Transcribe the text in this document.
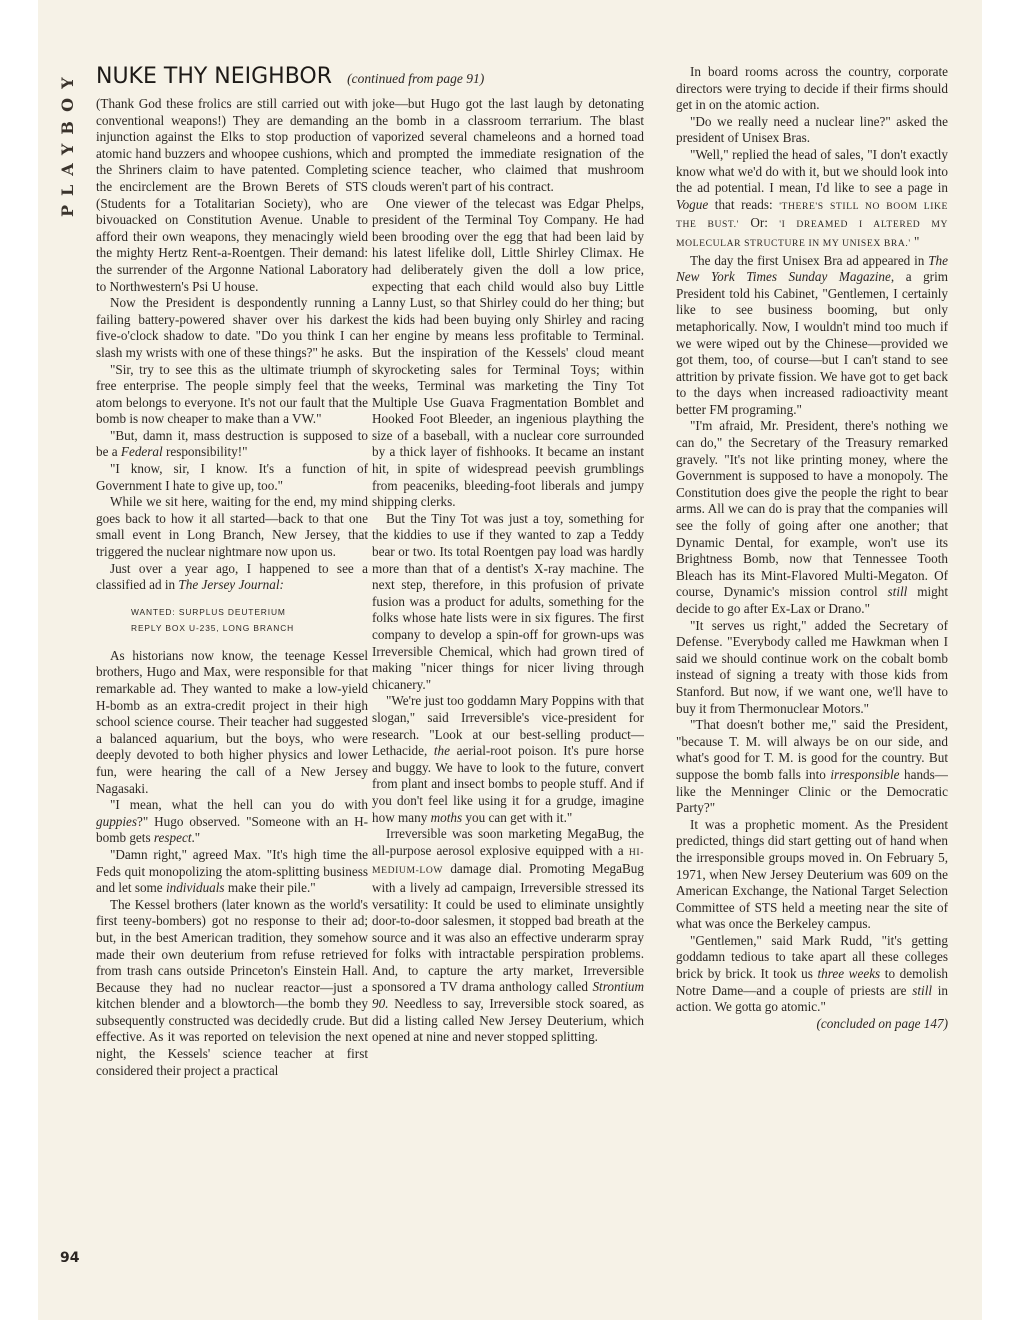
PLAYBOY NUKE THY NEIGHBOR (continued from page 91)

(Thank God these frolics are still carried out with conventional weapons!) They are demanding an injunction against the Elks to stop production of atomic hand buzzers and whoopee cushions, which the Shriners claim to have patented. Completing the encirclement are the Brown Berets of STS (Students for a Totalitarian Society), who are bivouacked on Constitution Avenue. Unable to afford their own weapons, they menacingly wield the mighty Hertz Rent-a-Roentgen. Their demand: the surrender of the Argonne National Laboratory to Northwestern's Psi U house.

Now the President is despondently running a failing battery-powered shaver over his darkest five-o'clock shadow to date. "Do you think I can slash my wrists with one of these things?" he asks.

"Sir, try to see this as the ultimate triumph of free enterprise. The people simply feel that the atom belongs to everyone. It's not our fault that the bomb is now cheaper to make than a VW."

"But, damn it, mass destruction is supposed to be a Federal responsibility!"

"I know, sir, I know. It's a function of Government I hate to give up, too."

While we sit here, waiting for the end, my mind goes back to how it all started—back to that one small event in Long Branch, New Jersey, that triggered the nuclear nightmare now upon us.

Just over a year ago, I happened to see a classified ad in The Jersey Journal:

WANTED: SURPLUS DEUTERIUM
REPLY BOX U-235, LONG BRANCH

As historians now know, the teenage Kessel brothers, Hugo and Max, were responsible for that remarkable ad. They wanted to make a low-yield H-bomb as an extra-credit project in their high school science course. Their teacher had suggested a balanced aquarium, but the boys, who were deeply devoted to both higher physics and lower fun, were hearing the call of a New Jersey Nagasaki.

"I mean, what the hell can you do with guppies?" Hugo observed. "Someone with an H-bomb gets respect."

"Damn right," agreed Max. "It's high time the Feds quit monopolizing the atom-splitting business and let some individuals make their pile."

The Kessel brothers (later known as the world's first teeny-bombers) got no response to their ad; but, in the best American tradition, they somehow made their own deuterium from refuse retrieved from trash cans outside Princeton's Einstein Hall. Because they had no nuclear reactor—just a kitchen blender and a blowtorch—the bomb they subsequently constructed was decidedly crude. But effective. As it was reported on television the next night, the Kessels' science teacher at first considered their project a practical

joke—but Hugo got the last laugh by detonating the bomb in a classroom terrarium. The blast vaporized several chameleons and a horned toad and prompted the immediate resignation of the science teacher, who claimed that mushroom clouds weren't part of his contract.

One viewer of the telecast was Edgar Phelps, president of the Terminal Toy Company. He had been brooding over the egg that had been laid by his latest lifelike doll, Little Shirley Climax. He had deliberately given the doll a low price, expecting that each child would also buy Little Lanny Lust, so that Shirley could do her thing; but the kids had been buying only Shirley and racing her engine by means less profitable to Terminal. But the inspiration of the Kessels' cloud meant skyrocketing sales for Terminal Toys; within weeks, Terminal was marketing the Tiny Tot Multiple Use Guava Fragmentation Bomblet and Hooked Foot Bleeder, an ingenious plaything the size of a baseball, with a nuclear core surrounded by a thick layer of fishhooks. It became an instant hit, in spite of widespread peevish grumblings from peaceniks, bleeding-foot liberals and jumpy shipping clerks.

But the Tiny Tot was just a toy, something for the kiddies to use if they wanted to zap a Teddy bear or two. Its total Roentgen pay load was hardly more than that of a dentist's X-ray machine. The next step, therefore, in this profusion of private fusion was a product for adults, something for the folks whose hate lists were in six figures. The first company to develop a spin-off for grown-ups was Irreversible Chemical, which had grown tired of making "nicer things for nicer living through chicanery."

"We're just too goddamn Mary Poppins with that slogan," said Irreversible's vice-president for research. "Look at our best-selling product—Lethacide, the aerial-root poison. It's pure horse and buggy. We have to look to the future, convert from plant and insect bombs to people stuff. And if you don't feel like using it for a grudge, imagine how many moths you can get with it."

Irreversible was soon marketing MegaBug, the all-purpose aerosol explosive equipped with a HI-MEDIUM-LOW damage dial. Promoting MegaBug with a lively ad campaign, Irreversible stressed its versatility: It could be used to eliminate unsightly door-to-door salesmen, it stopped bad breath at the source and it was also an effective underarm spray for folks with intractable perspiration problems. And, to capture the arty market, Irreversible sponsored a TV drama anthology called Strontium 90. Needless to say, Irreversible stock soared, as did a listing called New Jersey Deuterium, which opened at nine and never stopped splitting.

In board rooms across the country, corporate directors were trying to decide if their firms should get in on the atomic action.

"Do we really need a nuclear line?" asked the president of Unisex Bras.

"Well," replied the head of sales, "I don't exactly know what we'd do with it, but we should look into the ad potential. I mean, I'd like to see a page in Vogue that reads: 'THERE'S STILL NO BOOM LIKE THE BUST.' Or: 'I DREAMED I ALTERED MY MOLECULAR STRUCTURE IN MY UNISEX BRA.' "

The day the first Unisex Bra ad appeared in The New York Times Sunday Magazine, a grim President told his Cabinet, "Gentlemen, I certainly like to see business booming, but only metaphorically. Now, I wouldn't mind too much if we were wiped out by the Chinese—provided we got them, too, of course—but I can't stand to see attrition by private fission. We have got to get back to the days when increased radioactivity meant better FM programing."

"I'm afraid, Mr. President, there's nothing we can do," the Secretary of the Treasury remarked gravely. "It's not like printing money, where the Government is supposed to have a monopoly. The Constitution does give the people the right to bear arms. All we can do is pray that the companies will see the folly of going after one another; that Dynamic Dental, for example, won't use its Brightness Bomb, now that Tennessee Tooth Bleach has its Mint-Flavored Multi-Megaton. Of course, Dynamic's mission control still might decide to go after Ex-Lax or Drano."

"It serves us right," added the Secretary of Defense. "Everybody called me Hawkman when I said we should continue work on the cobalt bomb instead of signing a treaty with those kids from Stanford. But now, if we want one, we'll have to buy it from Thermonuclear Motors."

"That doesn't bother me," said the President, "because T. M. will always be on our side, and what's good for T. M. is good for the country. But suppose the bomb falls into irresponsible hands—like the Menninger Clinic or the Democratic Party?"

It was a prophetic moment. As the President predicted, things did start getting out of hand when the irresponsible groups moved in. On February 5, 1971, when New Jersey Deuterium was 609 on the American Exchange, the National Target Selection Committee of STS held a meeting near the site of what was once the Berkeley campus.

"Gentlemen," said Mark Rudd, "it's getting goddamn tedious to take apart all these colleges brick by brick. It took us three weeks to demolish Notre Dame—and a couple of priests are still in action. We gotta go atomic."

(concluded on page 147)

94
